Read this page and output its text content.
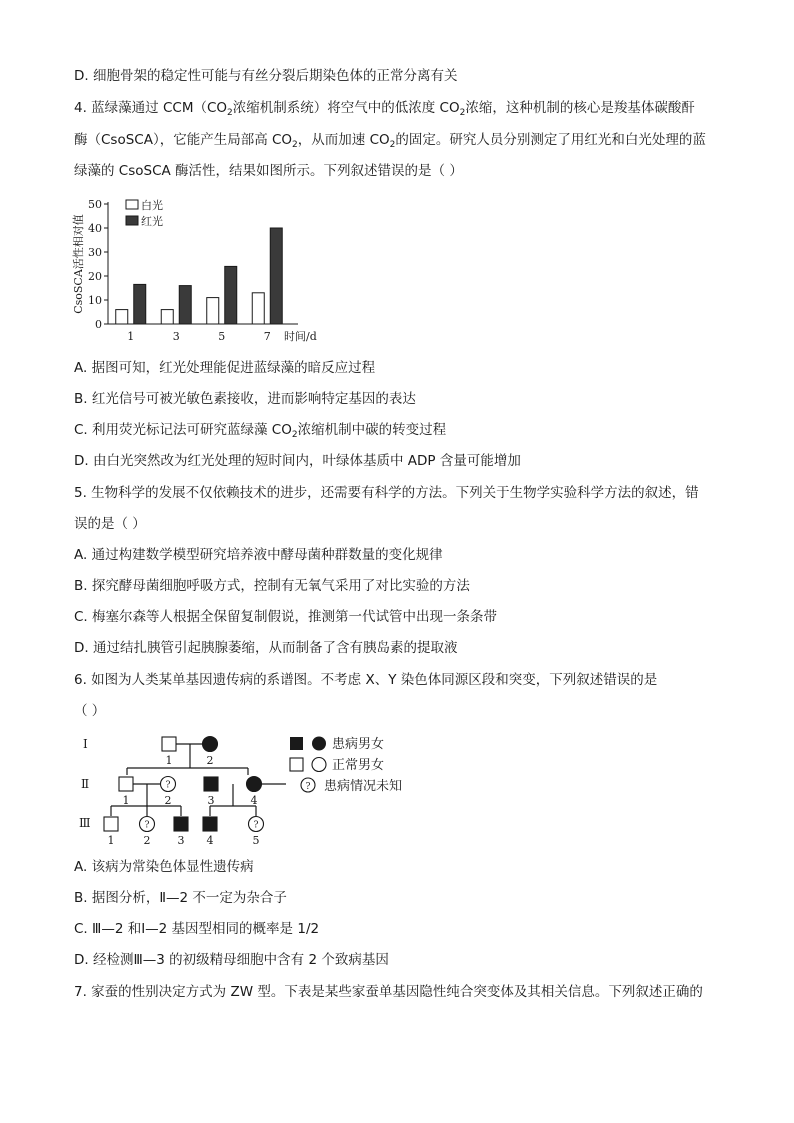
D. 细胞骨架的稳定性可能与有丝分裂后期染色体的正常分离有关
4. 蓝绿藻通过 $CCM(CO_2$浓缩机制系统）将空气中的低浓度 $CO_2$浓缩，这种机制的核心是羧基体碳酸酐
酶（CsoSCA），它能产生局部高 $CO_2$，从而加速 $CO_2$的固定。研究人员分别测定了用红光和白光处理的蓝
绿藻的 CsoSCA 酶活性，结果如图所示。下列叙述错误的是（ ）
0
10
20
30
40
50
CsoSCA活性相对值
1	3	5	7 时间/d
白光
红光
A. 据图可知，红光处理能促进蓝绿藻的暗反应过程
B. 红光信号可被光敏色素接收，进而影响特定基因的表达
C. 利用荧光标记法可研究蓝绿藻 $CO_2$浓缩机制中碳的转变过程
D. 由白光突然改为红光处理的短时间内，叶绿体基质中 ADP 含量可能增加
5. 生物科学的发展不仅依赖技术的进步，还需要有科学的方法。下列关于生物学实验科学方法的叙述，错
误的是（ ）
A. 通过构建数学模型研究培养液中酵母菌种群数量的变化规律
B. 探究酵母菌细胞呼吸方式，控制有无氧气采用了对比实验的方法
C. 梅塞尔森等人根据全保留复制假说，推测第一代试管中出现一条条带
D. 通过结扎胰管引起胰腺萎缩，从而制备了含有胰岛素的提取液
6. 如图为人类某单基因遗传病的系谱图。不考虑 X、Y 染色体同源区段和突变，下列叙述错误的是
（ ）
Ⅰ
Ⅱ
Ⅲ
1	2
1
?
2	3	4
1
?
2 3 4
?
5
患病男女
正常男女
? 患病情况未知
A. 该病为常染色体显性遗传病
B. 据图分析，Ⅱ—2 不一定为杂合子
C. Ⅲ—2 和Ⅰ—2 基因型相同的概率是 1/2
D. 经检测Ⅲ—3 的初级精母细胞中含有 2 个致病基因
7. 家蚕的性别决定方式为 ZW 型。下表是某些家蚕单基因隐性纯合突变体及其相关信息。下列叙述正确的
